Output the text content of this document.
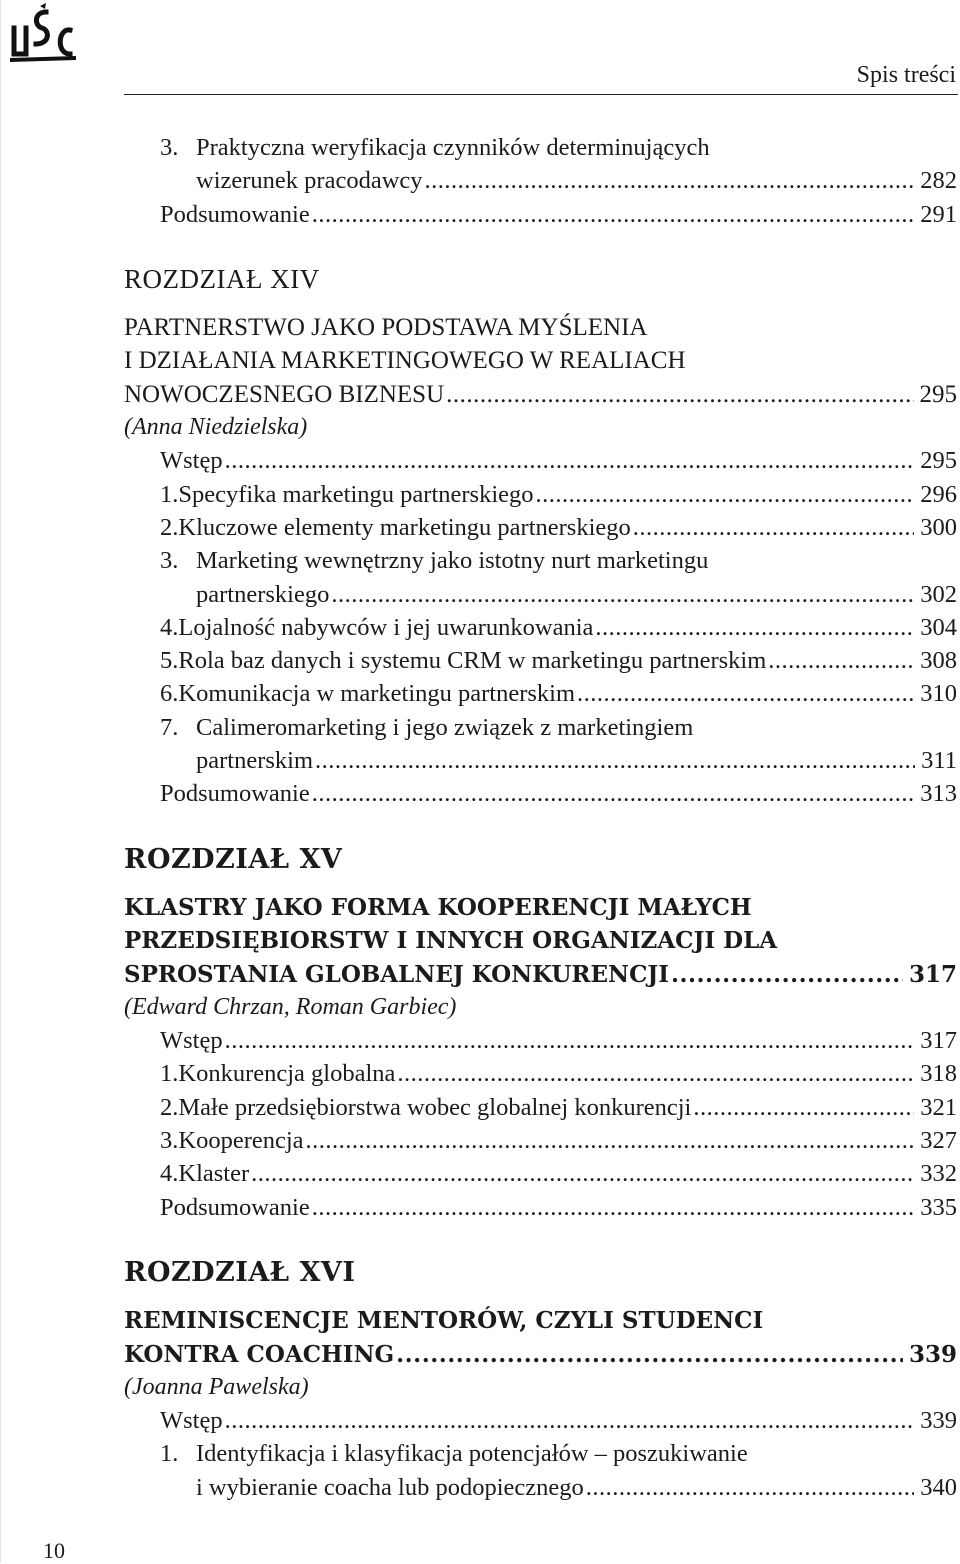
Spis treści
3. Praktyczna weryfikacja czynników determinujących
wizerunek pracodawcy .....	282
Podsumowanie .....	291
ROZDZIAŁ XIV
PARTNERSTWO JAKO PODSTAWA MYŚLENIA
I DZIAŁANIA MARKETINGOWEGO W REALIACH
NOWOCZESNEGO BIZNESU .....	295
(Anna Niedzielska)
Wstęp .....	295
1. Specyfika marketingu partnerskiego .....	296
2. Kluczowe elementy marketingu partnerskiego .....	300
3. Marketing wewnętrzny jako istotny nurt marketingu
partnerskiego .....	302
4. Lojalność nabywców i jej uwarunkowania .....	304
5. Rola baz danych i systemu CRM w marketingu partnerskim .....	308
6. Komunikacja w marketingu partnerskim .....	310
7. Calimeromarketing i jego związek z marketingiem
partnerskim .....	311
Podsumowanie .....	313
ROZDZIAŁ XV
KLASTRY JAKO FORMA KOOPERENCJI MAŁYCH
PRZEDSIĘBIORSTW I INNYCH ORGANIZACJI DLA
SPROSTANIA GLOBALNEJ KONKURENCJI .....	317
(Edward Chrzan, Roman Garbiec)
Wstęp .....	317
1. Konkurencja globalna .....	318
2. Małe przedsiębiorstwa wobec globalnej konkurencji .....	321
3. Kooperencja .....	327
4. Klaster .....	332
Podsumowanie .....	335
ROZDZIAŁ XVI
REMINISCENCJE MENTORÓW, CZYLI STUDENCI
KONTRA COACHING .....	339
(Joanna Pawelska)
Wstęp .....	339
1. Identyfikacja i klasyfikacja potencjałów – poszukiwanie
i wybieranie coacha lub podopiecznego .....	340
10
